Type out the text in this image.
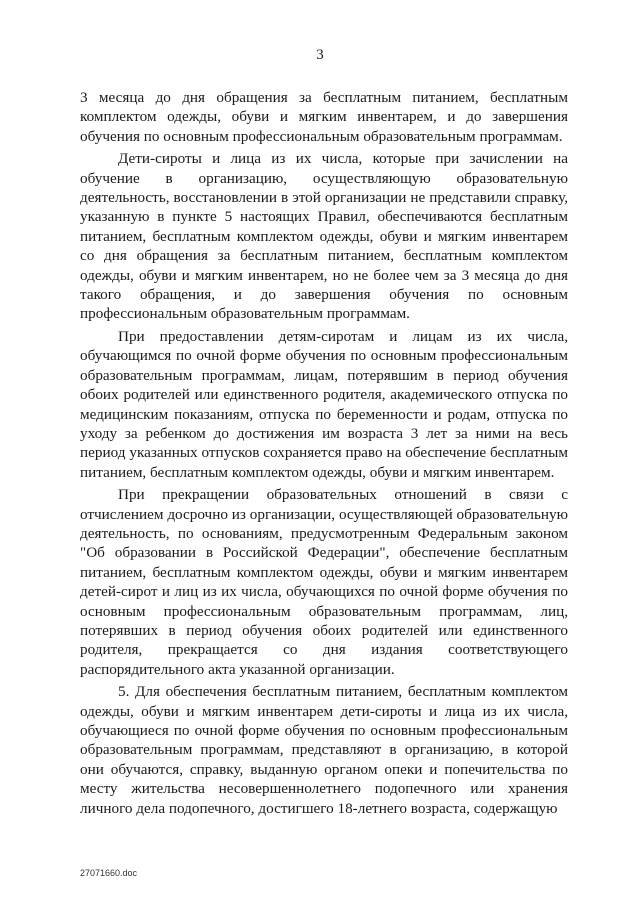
3

3 месяца до дня обращения за бесплатным питанием, бесплатным комплектом одежды, обуви и мягким инвентарем, и до завершения обучения по основным профессиональным образовательным программам.

Дети-сироты и лица из их числа, которые при зачислении на обучение в организацию, осуществляющую образовательную деятельность, восстановлении в этой организации не представили справку, указанную в пункте 5 настоящих Правил, обеспечиваются бесплатным питанием, бесплатным комплектом одежды, обуви и мягким инвентарем со дня обращения за бесплатным питанием, бесплатным комплектом одежды, обуви и мягким инвентарем, но не более чем за 3 месяца до дня такого обращения, и до завершения обучения по основным профессиональным образовательным программам.

При предоставлении детям-сиротам и лицам из их числа, обучающимся по очной форме обучения по основным профессиональным образовательным программам, лицам, потерявшим в период обучения обоих родителей или единственного родителя, академического отпуска по медицинским показаниям, отпуска по беременности и родам, отпуска по уходу за ребенком до достижения им возраста 3 лет за ними на весь период указанных отпусков сохраняется право на обеспечение бесплатным питанием, бесплатным комплектом одежды, обуви и мягким инвентарем.

При прекращении образовательных отношений в связи с отчислением досрочно из организации, осуществляющей образовательную деятельность, по основаниям, предусмотренным Федеральным законом "Об образовании в Российской Федерации", обеспечение бесплатным питанием, бесплатным комплектом одежды, обуви и мягким инвентарем детей-сирот и лиц из их числа, обучающихся по очной форме обучения по основным профессиональным образовательным программам, лиц, потерявших в период обучения обоих родителей или единственного родителя, прекращается со дня издания соответствующего распорядительного акта указанной организации.

5. Для обеспечения бесплатным питанием, бесплатным комплектом одежды, обуви и мягким инвентарем дети-сироты и лица из их числа, обучающиеся по очной форме обучения по основным профессиональным образовательным программам, представляют в организацию, в которой они обучаются, справку, выданную органом опеки и попечительства по месту жительства несовершеннолетнего подопечного или хранения личного дела подопечного, достигшего 18-летнего возраста, содержащую

27071660.doc
